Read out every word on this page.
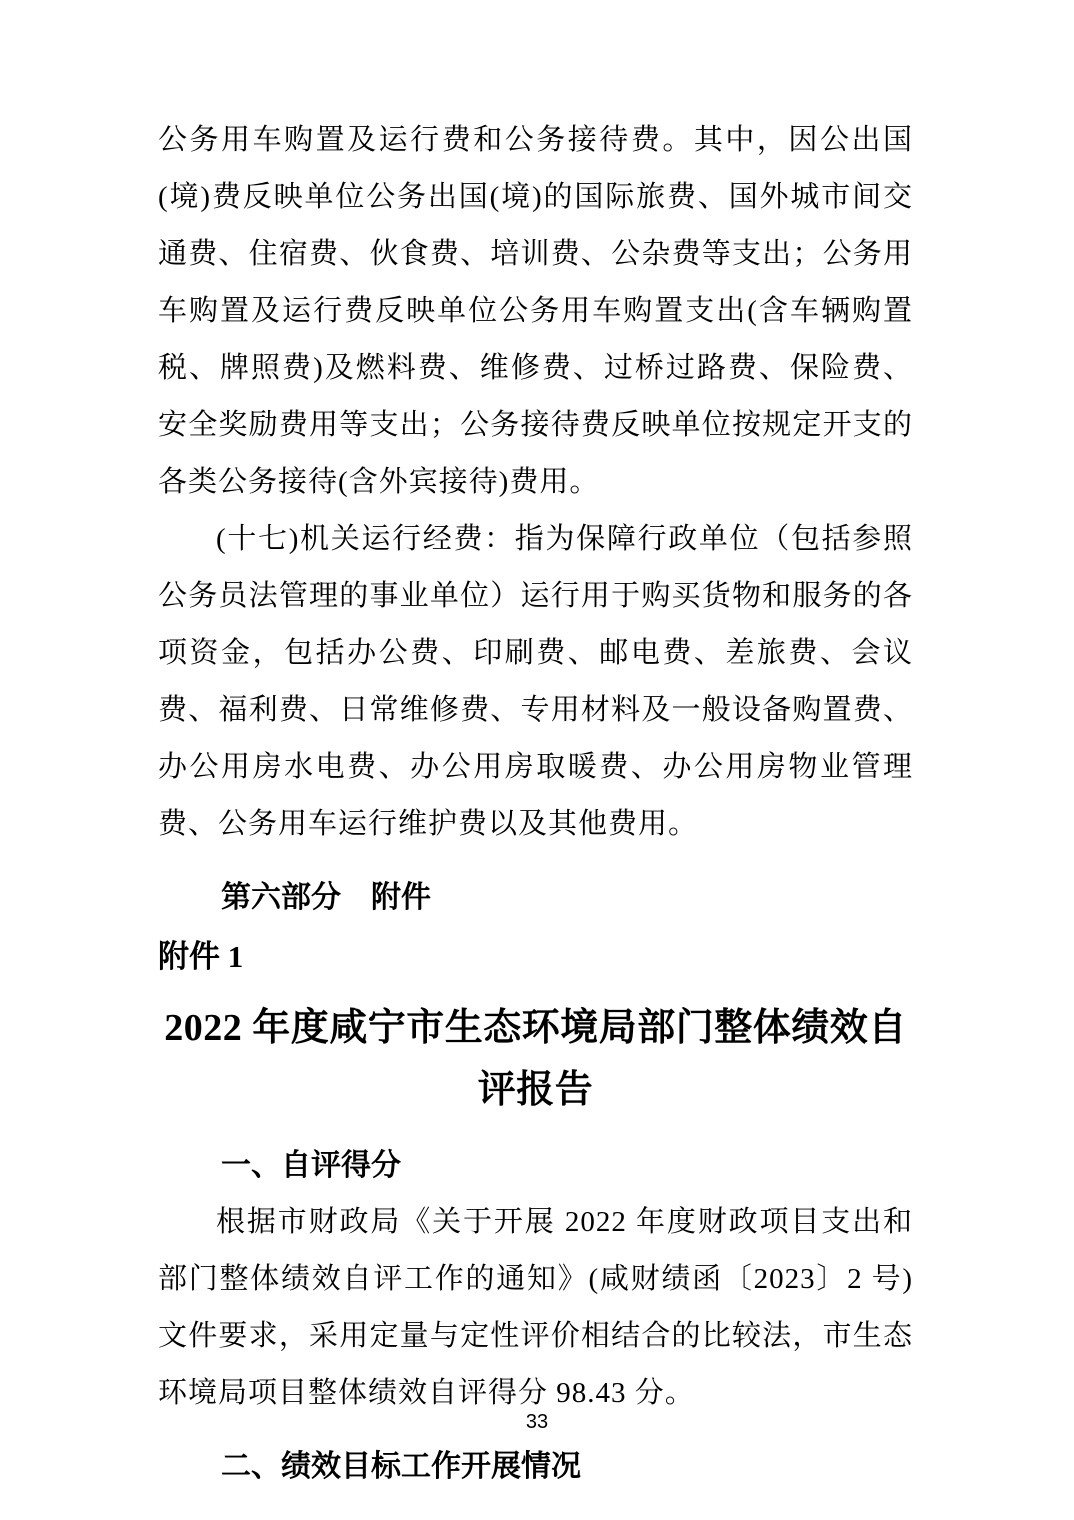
公务用车购置及运行费和公务接待费。其中，因公出国(境)费反映单位公务出国(境)的国际旅费、国外城市间交通费、住宿费、伙食费、培训费、公杂费等支出；公务用车购置及运行费反映单位公务用车购置支出(含车辆购置税、牌照费)及燃料费、维修费、过桥过路费、保险费、安全奖励费用等支出；公务接待费反映单位按规定开支的各类公务接待(含外宾接待)费用。

(十七)机关运行经费：指为保障行政单位（包括参照公务员法管理的事业单位）运行用于购买货物和服务的各项资金，包括办公费、印刷费、邮电费、差旅费、会议费、福利费、日常维修费、专用材料及一般设备购置费、办公用房水电费、办公用房取暖费、办公用房物业管理费、公务用车运行维护费以及其他费用。

第六部分　附件
附件 1
2022 年度咸宁市生态环境局部门整体绩效自评报告
一、自评得分

根据市财政局《关于开展 2022 年度财政项目支出和部门整体绩效自评工作的通知》(咸财绩函〔2023〕2 号)文件要求，采用定量与定性评价相结合的比较法，市生态环境局项目整体绩效自评得分 98.43 分。

二、绩效目标工作开展情况
33
